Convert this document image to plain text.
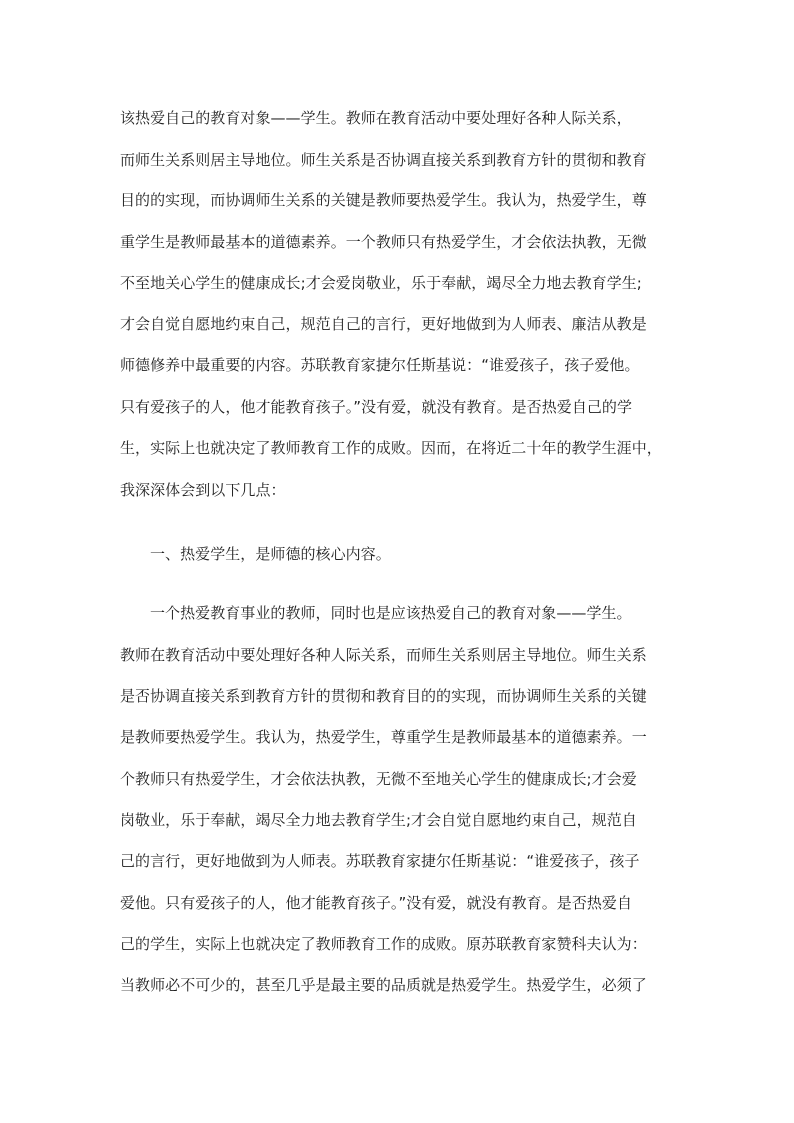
该热爱自己的教育对象——学生。教师在教育活动中要处理好各种人际关系，
而师生关系则居主导地位。师生关系是否协调直接关系到教育方针的贯彻和教育
目的的实现，而协调师生关系的关键是教师要热爱学生。我认为，热爱学生，尊
重学生是教师最基本的道德素养。一个教师只有热爱学生，才会依法执教，无微
不至地关心学生的健康成长;才会爱岗敬业，乐于奉献，竭尽全力地去教育学生;
才会自觉自愿地约束自己，规范自己的言行，更好地做到为人师表、廉洁从教是
师德修养中最重要的内容。苏联教育家捷尔任斯基说：“谁爱孩子，孩子爱他。
只有爱孩子的人，他才能教育孩子。”没有爱，就没有教育。是否热爱自己的学
生，实际上也就决定了教师教育工作的成败。因而，在将近二十年的教学生涯中，
我深深体会到以下几点：
一、热爱学生，是师德的核心内容。
一个热爱教育事业的教师，同时也是应该热爱自己的教育对象——学生。
教师在教育活动中要处理好各种人际关系，而师生关系则居主导地位。师生关系
是否协调直接关系到教育方针的贯彻和教育目的的实现，而协调师生关系的关键
是教师要热爱学生。我认为，热爱学生，尊重学生是教师最基本的道德素养。一
个教师只有热爱学生，才会依法执教，无微不至地关心学生的健康成长;才会爱
岗敬业，乐于奉献，竭尽全力地去教育学生;才会自觉自愿地约束自己，规范自
己的言行，更好地做到为人师表。苏联教育家捷尔任斯基说：“谁爱孩子，孩子
爱他。只有爱孩子的人，他才能教育孩子。”没有爱，就没有教育。是否热爱自
己的学生，实际上也就决定了教师教育工作的成败。原苏联教育家赞科夫认为：
当教师必不可少的，甚至几乎是最主要的品质就是热爱学生。热爱学生，必须了
